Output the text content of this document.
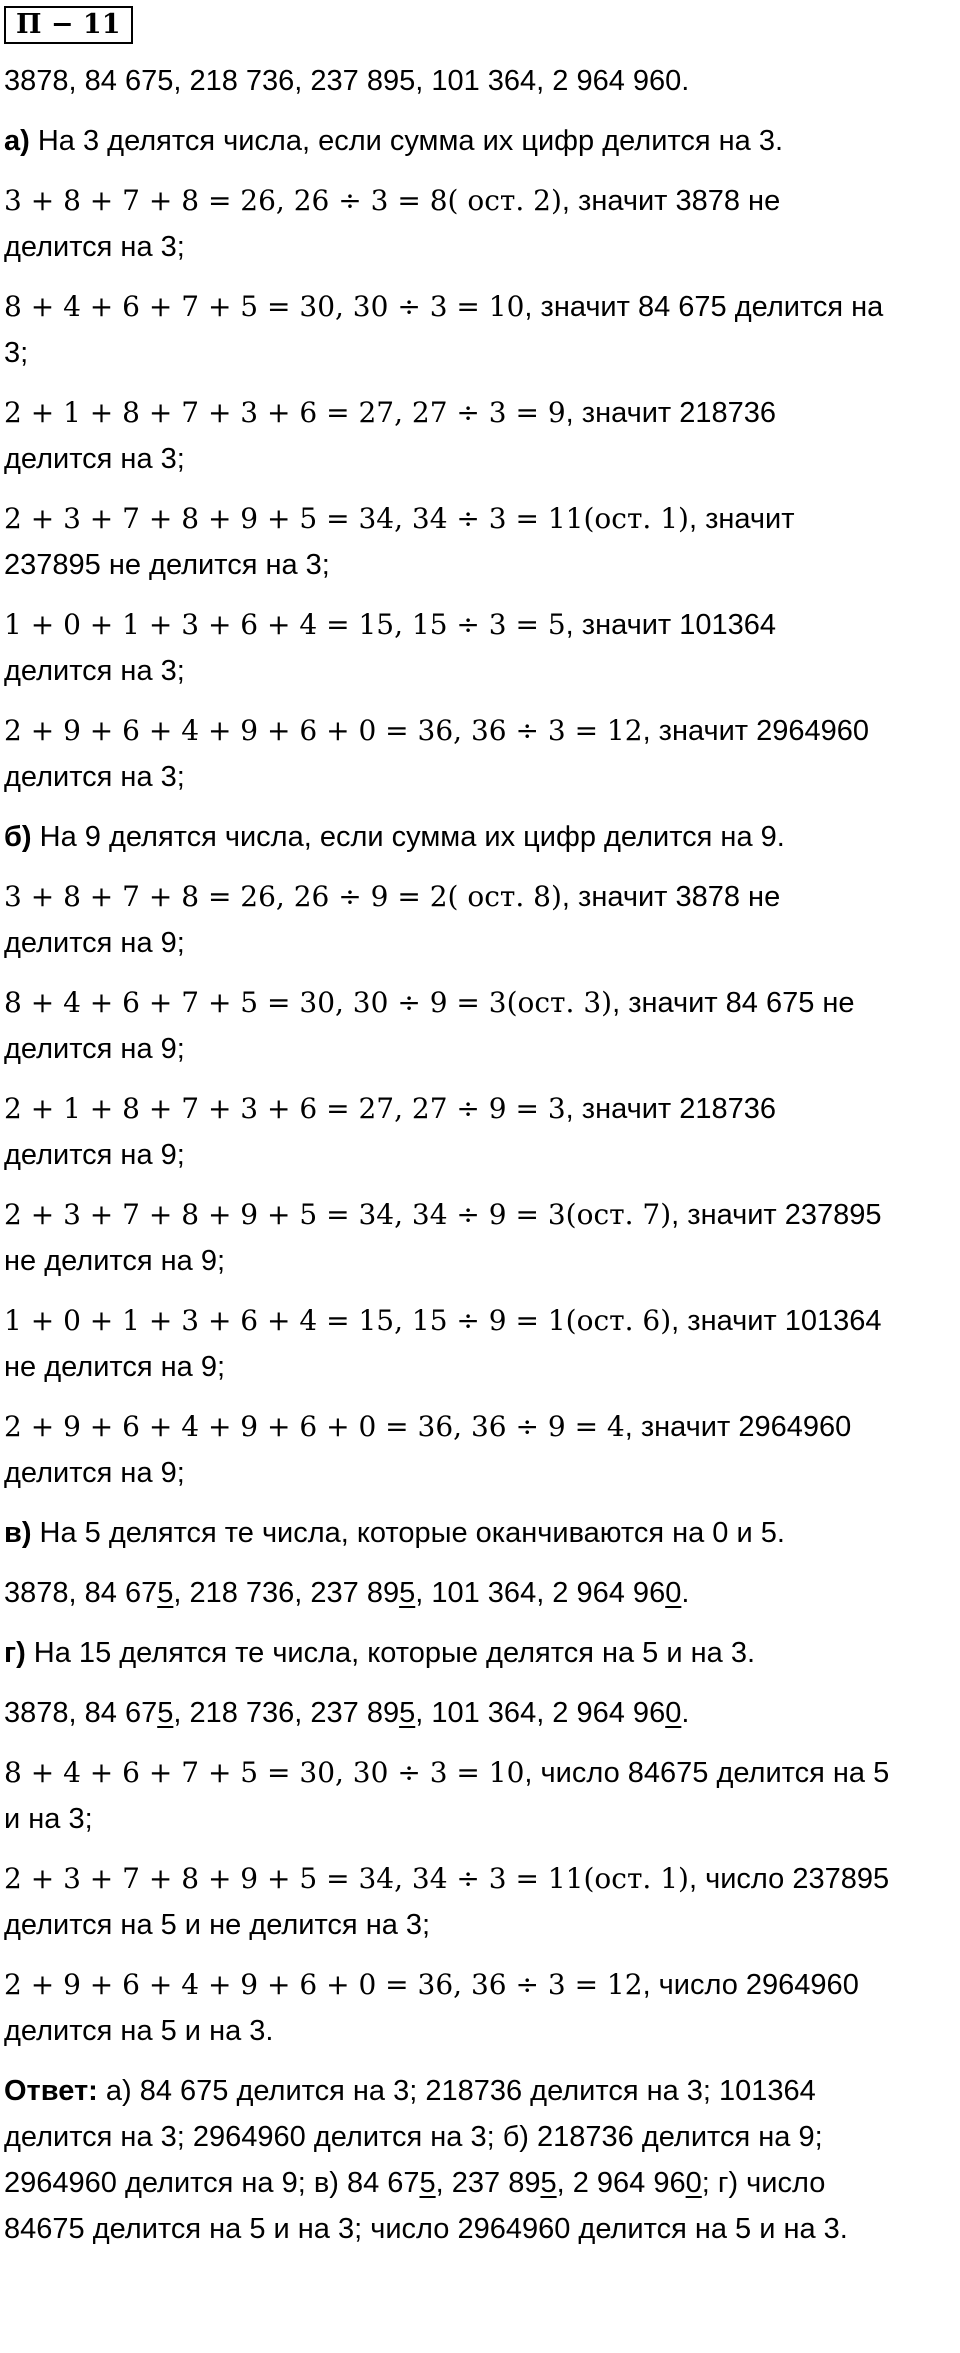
П − 11
3878, 84 675, 218 736, 237 895, 101 364, 2 964 960.
а) На 3 делятся числа, если сумма их цифр делится на 3.
3 + 8 + 7 + 8 = 26, 26 ÷ 3 = 8( ост. 2), значит 3878 не
делится на 3;
8 + 4 + 6 + 7 + 5 = 30, 30 ÷ 3 = 10, значит 84 675 делится на
3;
2 + 1 + 8 + 7 + 3 + 6 = 27, 27 ÷ 3 = 9, значит 218736
делится на 3;
2 + 3 + 7 + 8 + 9 + 5 = 34, 34 ÷ 3 = 11(ост. 1), значит
237895 не делится на 3;
1 + 0 + 1 + 3 + 6 + 4 = 15, 15 ÷ 3 = 5, значит 101364
делится на 3;
2 + 9 + 6 + 4 + 9 + 6 + 0 = 36, 36 ÷ 3 = 12, значит 2964960
делится на 3;
б) На 9 делятся числа, если сумма их цифр делится на 9.
3 + 8 + 7 + 8 = 26, 26 ÷ 9 = 2( ост. 8), значит 3878 не
делится на 9;
8 + 4 + 6 + 7 + 5 = 30, 30 ÷ 9 = 3(ост. 3), значит 84 675 не
делится на 9;
2 + 1 + 8 + 7 + 3 + 6 = 27, 27 ÷ 9 = 3, значит 218736
делится на 9;
2 + 3 + 7 + 8 + 9 + 5 = 34, 34 ÷ 9 = 3(ост. 7), значит 237895
не делится на 9;
1 + 0 + 1 + 3 + 6 + 4 = 15, 15 ÷ 9 = 1(ост. 6), значит 101364
не делится на 9;
2 + 9 + 6 + 4 + 9 + 6 + 0 = 36, 36 ÷ 9 = 4, значит 2964960
делится на 9;
в) На 5 делятся те числа, которые оканчиваются на 0 и 5.
3878, 84 675, 218 736, 237 895, 101 364, 2 964 960.
г) На 15 делятся те числа, которые делятся на 5 и на 3.
3878, 84 675, 218 736, 237 895, 101 364, 2 964 960.
8 + 4 + 6 + 7 + 5 = 30, 30 ÷ 3 = 10, число 84675 делится на 5
и на 3;
2 + 3 + 7 + 8 + 9 + 5 = 34, 34 ÷ 3 = 11(ост. 1), число 237895
делится на 5 и не делится на 3;
2 + 9 + 6 + 4 + 9 + 6 + 0 = 36, 36 ÷ 3 = 12, число 2964960
делится на 5 и на 3.
Ответ: а) 84 675 делится на 3; 218736 делится на 3; 101364
делится на 3; 2964960 делится на 3; б) 218736 делится на 9;
2964960 делится на 9; в) 84 675, 237 895, 2 964 960; г) число
84675 делится на 5 и на 3; число 2964960 делится на 5 и на 3.
